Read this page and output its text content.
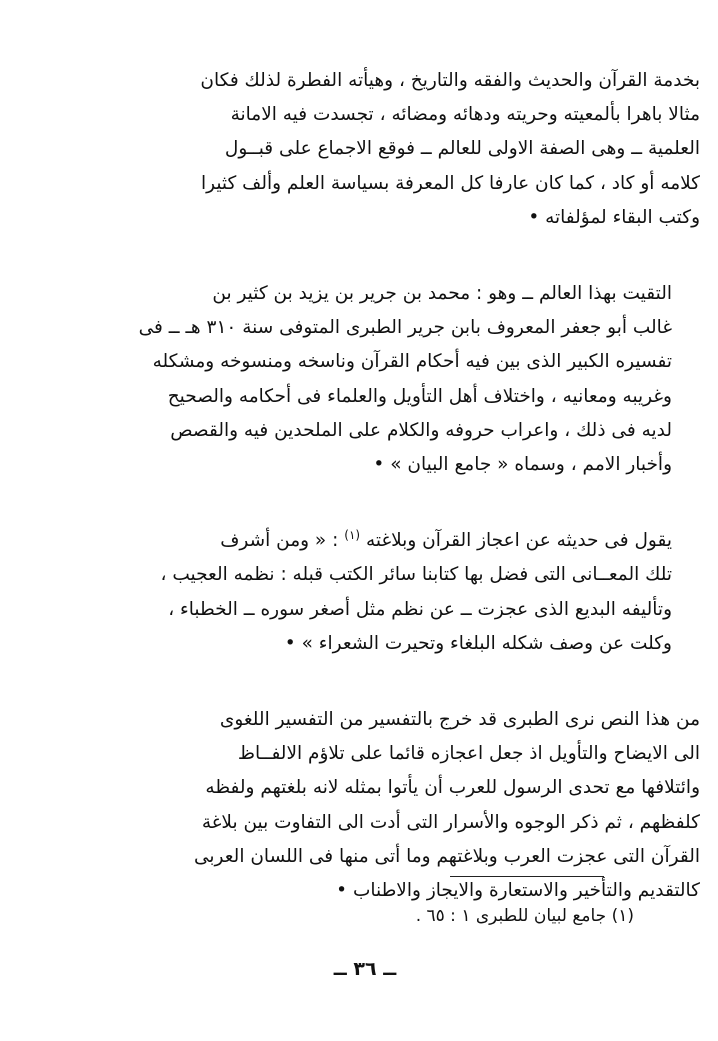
بخدمة القرآن والحديث والفقه والتاريخ ، وهيأته الفطرة لذلك فكان
مثالا باهرا بألمعيته وحريته ودهائه ومضائه ، تجسدت فيه الامانة
العلمية ــ وهى الصفة الاولى للعالم ــ فوقع الاجماع على قبــول
كلامه أو كاد ، كما كان عارفا كل المعرفة بسياسة العلم وألف كثيرا
وكتب البقاء لمؤلفاته •

التقيت بهذا العالم ــ وهو : محمد بن جرير بن يزيد بن كثير بن
غالب أبو جعفر المعروف بابن جرير الطبرى المتوفى سنة ٣١٠ هـ ــ فى
تفسيره الكبير الذى بين فيه أحكام القرآن وناسخه ومنسوخه ومشكله
وغريبه ومعانيه ، واختلاف أهل التأويل والعلماء فى أحكامه والصحيح
لديه فى ذلك ، واعراب حروفه والكلام على الملحدين فيه والقصص
وأخبار الامم ، وسماه « جامع البيان » •

يقول فى حديثه عن اعجاز القرآن وبلاغته $^{(١)}$ : « ومن أشرف
تلك المعــانى التى فضل بها كتابنا سائر الكتب قبله : نظمه العجيب ،
وتأليفه البديع الذى عجزت ــ عن نظم مثل أصغر سوره ــ الخطباء ،
وكلت عن وصف شكله البلغاء وتحيرت الشعراء » •

من هذا النص نرى الطبرى قد خرج بالتفسير من التفسير اللغوى
الى الايضاح والتأويل اذ جعل اعجازه قائما على تلاؤم الالفــاظ
وائتلافها مع تحدى الرسول للعرب أن يأتوا بمثله لانه بلغتهم ولفظه
كلفظهم ، ثم ذكر الوجوه والأسرار التى أدت الى التفاوت بين بلاغة
القرآن التى عجزت العرب وبلاغتهم وما أتى منها فى اللسان العربى
كالتقديم والتأخير والاستعارة والايجاز والاطناب •

(١) جامع لبيان للطبرى ١ : ٦٥ .
ــ ٣٦ ــ
